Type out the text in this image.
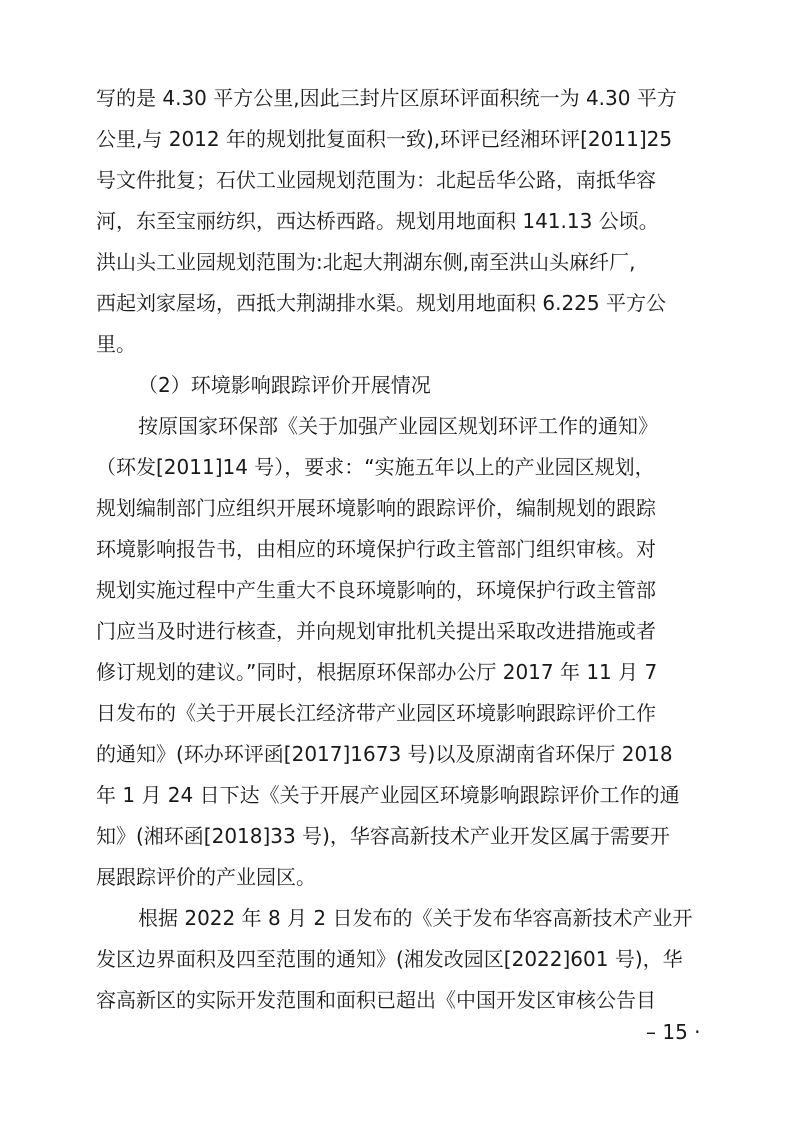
写的是 4.30 平方公里,因此三封片区原环评面积统一为 4.30 平方
公里,与 2012 年的规划批复面积一致),环评已经湘环评[2011]25
号文件批复；石伏工业园规划范围为：北起岳华公路，南抵华容
河，东至宝丽纺织，西达桥西路。规划用地面积 141.13 公顷。
洪山头工业园规划范围为:北起大荆湖东侧,南至洪山头麻纤厂,
西起刘家屋场，西抵大荆湖排水渠。规划用地面积 6.225 平方公
里。
（2）环境影响跟踪评价开展情况
按原国家环保部《关于加强产业园区规划环评工作的通知》
（环发[2011]14 号），要求：“实施五年以上的产业园区规划，
规划编制部门应组织开展环境影响的跟踪评价，编制规划的跟踪
环境影响报告书，由相应的环境保护行政主管部门组织审核。对
规划实施过程中产生重大不良环境影响的，环境保护行政主管部
门应当及时进行核查，并向规划审批机关提出采取改进措施或者
修订规划的建议。”同时，根据原环保部办公厅 2017 年 11 月 7
日发布的《关于开展长江经济带产业园区环境影响跟踪评价工作
的通知》(环办环评函[2017]1673 号)以及原湖南省环保厅 2018
年 1 月 24 日下达《关于开展产业园区环境影响跟踪评价工作的通
知》(湘环函[2018]33 号)，华容高新技术产业开发区属于需要开
展跟踪评价的产业园区。
根据 2022 年 8 月 2 日发布的《关于发布华容高新技术产业开
发区边界面积及四至范围的通知》(湘发改园区[2022]601 号)，华
容高新区的实际开发范围和面积已超出《中国开发区审核公告目
– 15 ·
